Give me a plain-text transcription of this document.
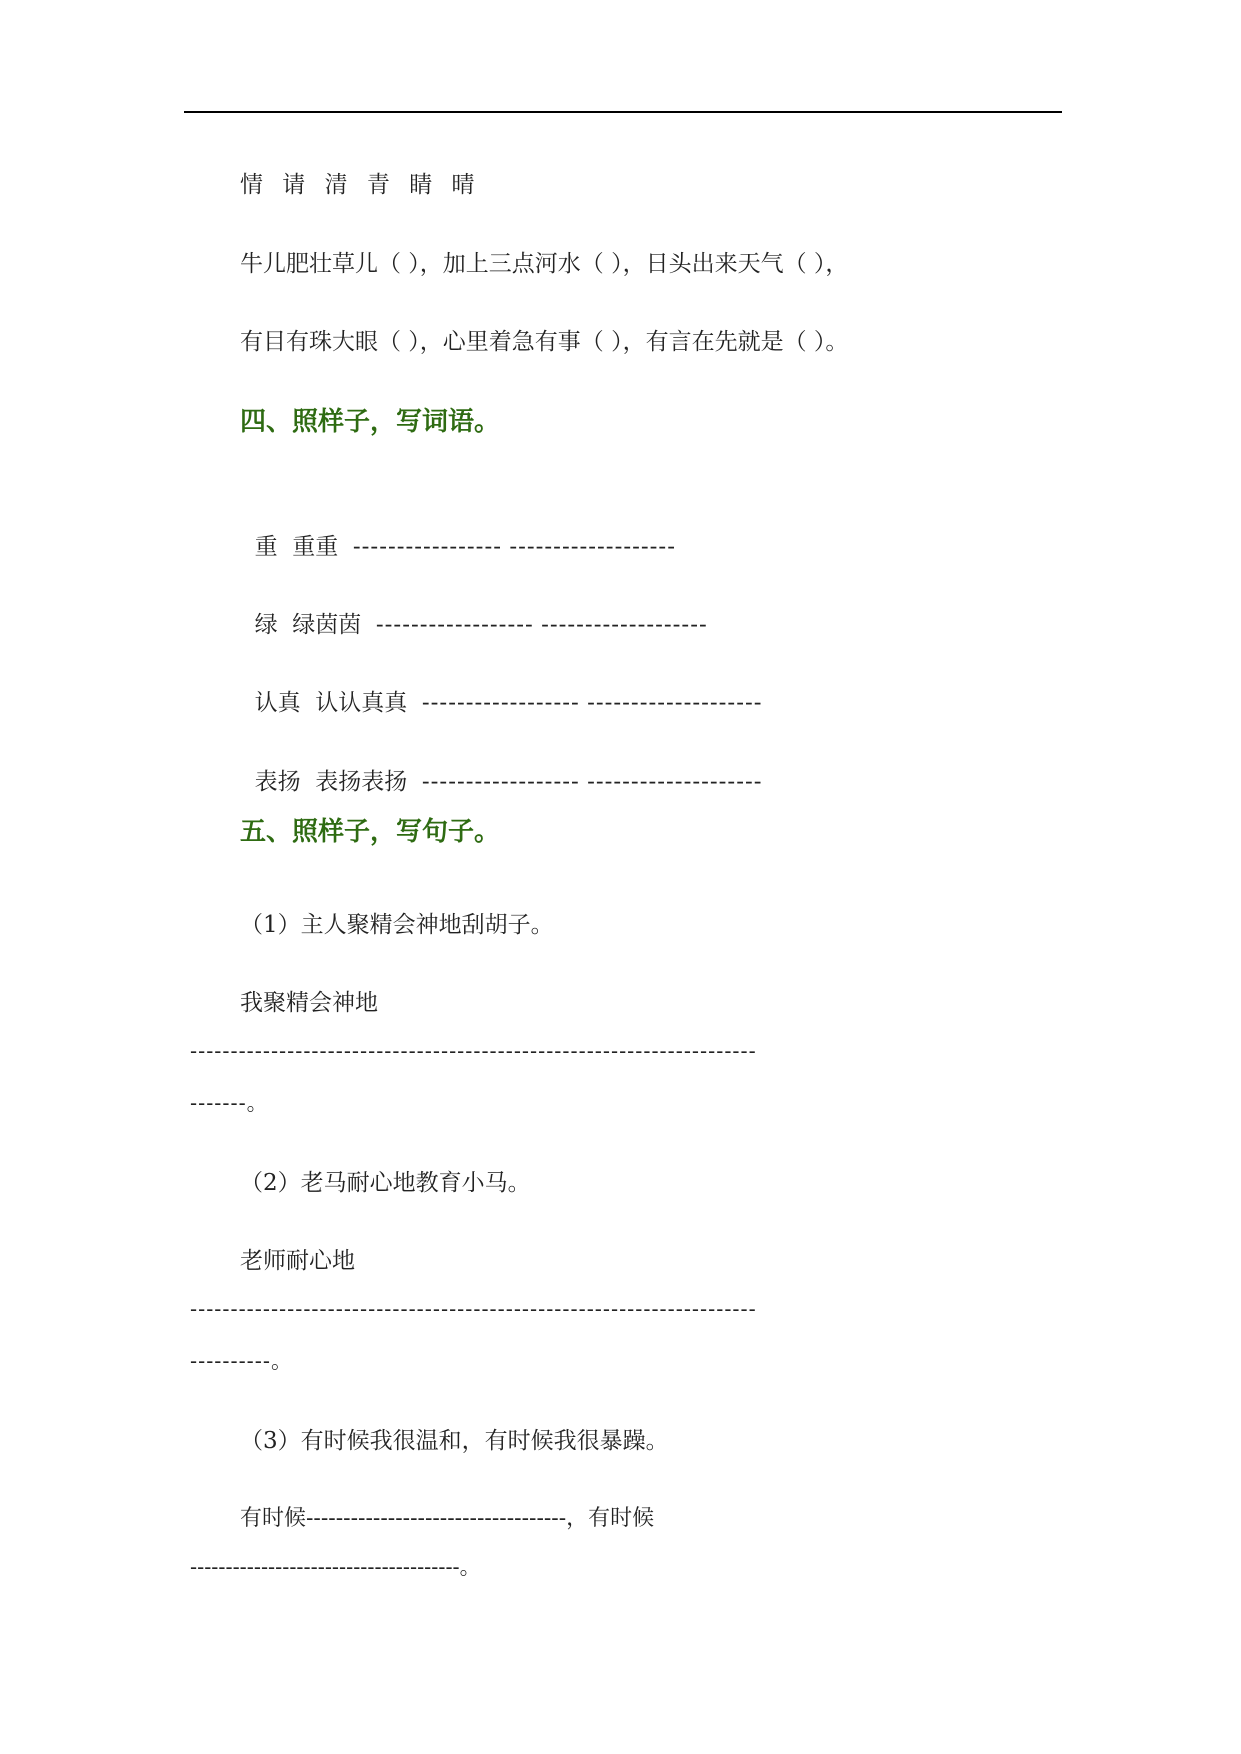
情 请 清 青 睛 晴
牛儿肥壮草儿（ ），加上三点河水（ ），日头出来天气（ ），
有目有珠大眼（ ），心里着急有事（ ），有言在先就是（ ）。
四、照样子，写词语。

重  重重 ----------------- -------------------

绿  绿茵茵 ------------------ -------------------

认真  认认真真 ------------------ --------------------

表扬  表扬表扬 ------------------ --------------------

五、照样子，写句子。
（1）主人聚精会神地刮胡子。
我聚精会神地
----------------------------------------------------------------------
-------。
（2）老马耐心地教育小马。
老师耐心地
----------------------------------------------------------------------
----------。
（3）有时候我很温和，有时候我很暴躁。
有时候-----------------------------------，有时候
--------------------------------------。
